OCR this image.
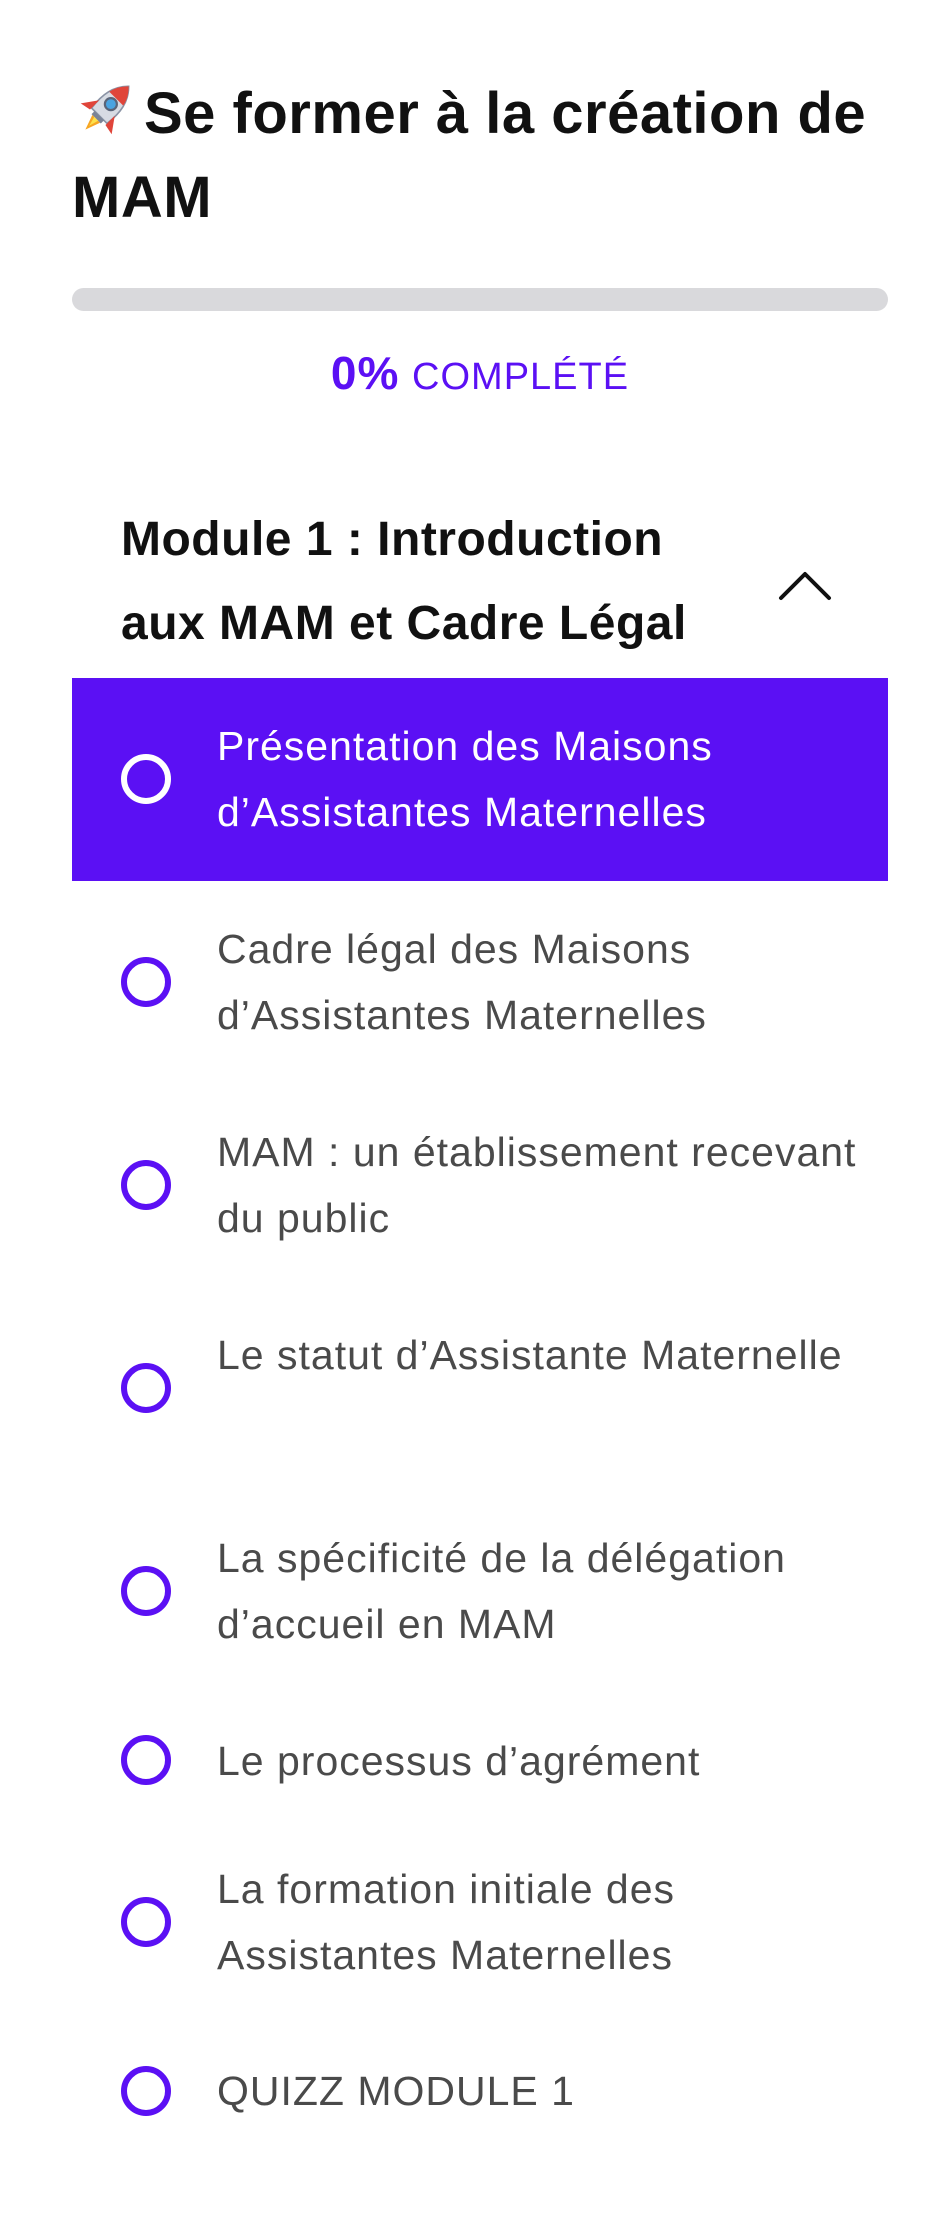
Se former à la création de MAM
0% COMPLÉTÉ
Module 1 : Introduction aux MAM et Cadre Légal
Présentation des Maisons d’Assistantes Maternelles
Cadre légal des Maisons d’Assistantes Maternelles
MAM : un établissement recevant du public
Le statut d’Assistante Maternelle
La spécificité de la délégation d’accueil en MAM
Le processus d’agrément
La formation initiale des Assistantes Maternelles
QUIZZ MODULE 1
